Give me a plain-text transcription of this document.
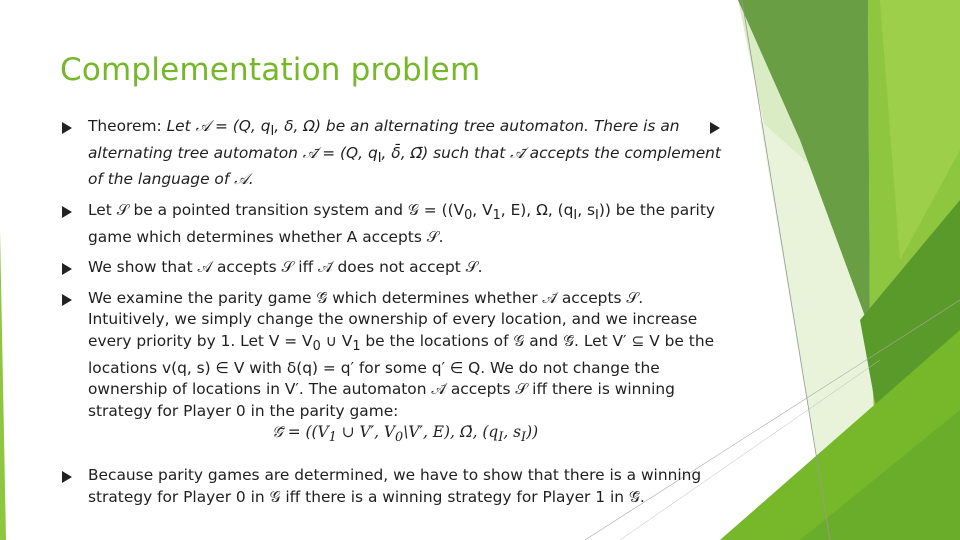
Complementation problem

Theorem: Let 𝒜 = (Q, $q_I$, δ, Ω) be an alternating tree automaton. There is an alternating tree automaton 𝒜̄ = (Q, $q_I$, δ̄, Ω̄) such that 𝒜̄ accepts the complement of the language of 𝒜.

Let 𝒮 be a pointed transition system and 𝒢 = (($V_0$, $V_1$, E), Ω, ($q_I$, $s_I$)) be the parity game which determines whether A accepts 𝒮.

We show that 𝒜 accepts 𝒮 iff 𝒜̄ does not accept 𝒮.

We examine the parity game 𝒢̄ which determines whether 𝒜̄ accepts 𝒮. Intuitively, we simply change the ownership of every location, and we increase every priority by 1. Let $V = V_0$ ∪ $V_1$ be the locations of 𝒢 and 𝒢̄. Let V′ ⊆ V be the locations v(q, s) ∈ V with δ(q) = q′ for some q′ ∈ Q. We do not change the ownership of locations in V′. The automaton 𝒜̄ accepts 𝒮 iff there is winning strategy for Player 0 in the parity game:
𝒢̄ = (($V_1$ ∪ V′, $V_0\backslash V'$, E), Ω̄, ($q_I$, $s_I$))

Because parity games are determined, we have to show that there is a winning strategy for Player 0 in 𝒢 iff there is a winning strategy for Player 1 in 𝒢̄.
